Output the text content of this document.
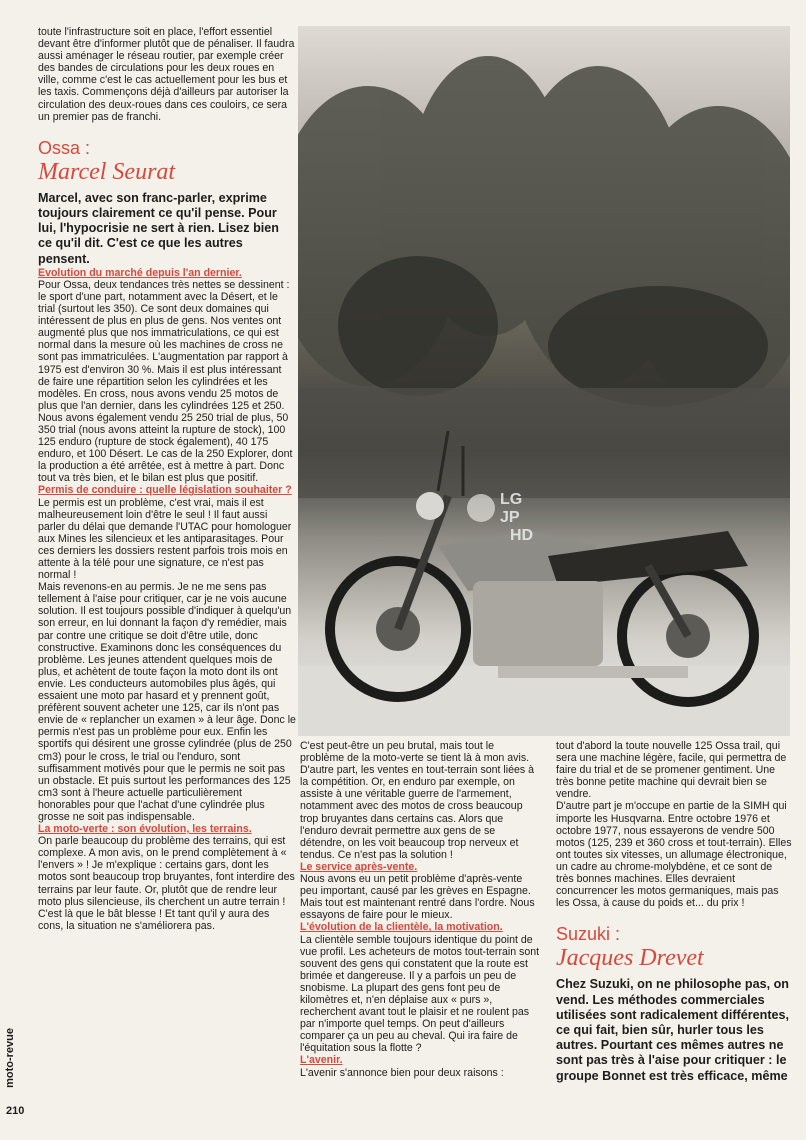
toute l'infrastructure soit en place, l'effort essentiel devant être d'informer plutôt que de pénaliser. Il faudra aussi aménager le réseau routier, par exemple créer des bandes de circulations pour les deux roues en ville, comme c'est le cas actuellement pour les bus et les taxis. Commençons déjà d'ailleurs par autoriser la circulation des deux-roues dans ces couloirs, ce sera un premier pas de franchi.

Ossa :
Marcel Seurat

Marcel, avec son franc-parler, exprime toujours clairement ce qu'il pense. Pour lui, l'hypocrisie ne sert à rien. Lisez bien ce qu'il dit. C'est ce que les autres pensent.

Evolution du marché depuis l'an dernier.
Pour Ossa, deux tendances très nettes se dessinent : le sport d'une part, notamment avec la Désert, et le trial (surtout les 350). Ce sont deux domaines qui intéressent de plus en plus de gens. Nos ventes ont augmenté plus que nos immatriculations, ce qui est normal dans la mesure où les machines de cross ne sont pas immatriculées. L'augmentation par rapport à 1975 est d'environ 30 %. Mais il est plus intéressant de faire une répartition selon les cylindrées et les modèles. En cross, nous avons vendu 25 motos de plus que l'an dernier, dans les cylindrées 125 et 250. Nous avons également vendu 25 250 trial de plus, 50 350 trial (nous avons atteint la rupture de stock), 100 125 enduro (rupture de stock également), 40 175 enduro, et 100 Désert. Le cas de la 250 Explorer, dont la production a été arrêtée, est à mettre à part. Donc tout va très bien, et le bilan est plus que positif.

Permis de conduire : quelle législation souhaiter ?
Le permis est un problème, c'est vrai, mais il est malheureusement loin d'être le seul ! Il faut aussi parler du délai que demande l'UTAC pour homologuer aux Mines les silencieux et les antiparasitages. Pour ces derniers les dossiers restent parfois trois mois en attente à la télé pour une signature, ce n'est pas normal !

Mais revenons-en au permis. Je ne me sens pas tellement à l'aise pour critiquer, car je ne vois aucune solution. Il est toujours possible d'indiquer à quelqu'un son erreur, en lui donnant la façon d'y remédier, mais par contre une critique se doit d'être utile, donc constructive. Examinons donc les conséquences du problème. Les jeunes attendent quelques mois de plus, et achètent de toute façon la moto dont ils ont envie. Les conducteurs automobiles plus âgés, qui essaient une moto par hasard et y prennent goût, préfèrent souvent acheter une 125, car ils n'ont pas envie de « replancher un examen » à leur âge. Donc le permis n'est pas un problème pour eux. Enfin les sportifs qui désirent une grosse cylindrée (plus de 250 cm3) pour le cross, le trial ou l'enduro, sont suffisamment motivés pour que le permis ne soit pas un obstacle. Et puis surtout les performances des 125 cm3 sont à l'heure actuelle particulièrement honorables pour que l'achat d'une cylindrée plus grosse ne soit pas indispensable.

La moto-verte : son évolution, les terrains.
On parle beaucoup du problème des terrains, qui est complexe. A mon avis, on le prend complètement à « l'envers » ! Je m'explique : certains gars, dont les motos sont beaucoup trop bruyantes, font interdire des terrains par leur faute. Or, plutôt que de rendre leur moto plus silencieuse, ils cherchent un autre terrain ! C'est là que le bât blesse ! Et tant qu'il y aura des cons, la situation ne s'améliorera pas.

LG
JP
HD

C'est peut-être un peu brutal, mais tout le problème de la moto-verte se tient là à mon avis.

D'autre part, les ventes en tout-terrain sont liées à la compétition. Or, en enduro par exemple, on assiste à une véritable guerre de l'armement, notamment avec des motos de cross beaucoup trop bruyantes dans certains cas. Alors que l'enduro devrait permettre aux gens de se détendre, on les voit beaucoup trop nerveux et tendus. Ce n'est pas la solution !

Le service après-vente.
Nous avons eu un petit problème d'après-vente peu important, causé par les grèves en Espagne. Mais tout est maintenant rentré dans l'ordre. Nous essayons de faire pour le mieux.

L'évolution de la clientèle, la motivation.
La clientèle semble toujours identique du point de vue profil. Les acheteurs de motos tout-terrain sont souvent des gens qui constatent que la route est brimée et dangereuse. Il y a parfois un peu de snobisme. La plupart des gens font peu de kilomètres et, n'en déplaise aux « purs », recherchent avant tout le plaisir et ne roulent pas par n'importe quel temps. On peut d'ailleurs comparer ça un peu au cheval. Qui ira faire de l'équitation sous la flotte ?

L'avenir.
L'avenir s'annonce bien pour deux raisons :

tout d'abord la toute nouvelle 125 Ossa trail, qui sera une machine légère, facile, qui permettra de faire du trial et de se promener gentiment. Une très bonne petite machine qui devrait bien se vendre.

D'autre part je m'occupe en partie de la SIMH qui importe les Husqvarna. Entre octobre 1976 et octobre 1977, nous essayerons de vendre 500 motos (125, 239 et 360 cross et tout-terrain). Elles ont toutes six vitesses, un allumage électronique, un cadre au chrome-molybdène, et ce sont de très bonnes machines. Elles devraient concurrencer les motos germaniques, mais pas les Ossa, à cause du poids et... du prix !

Suzuki :
Jacques Drevet

Chez Suzuki, on ne philosophe pas, on vend. Les méthodes commerciales utilisées sont radicalement différentes, ce qui fait, bien sûr, hurler tous les autres. Pourtant ces mêmes autres ne sont pas très à l'aise pour critiquer : le groupe Bonnet est très efficace, même

moto-revue
210
